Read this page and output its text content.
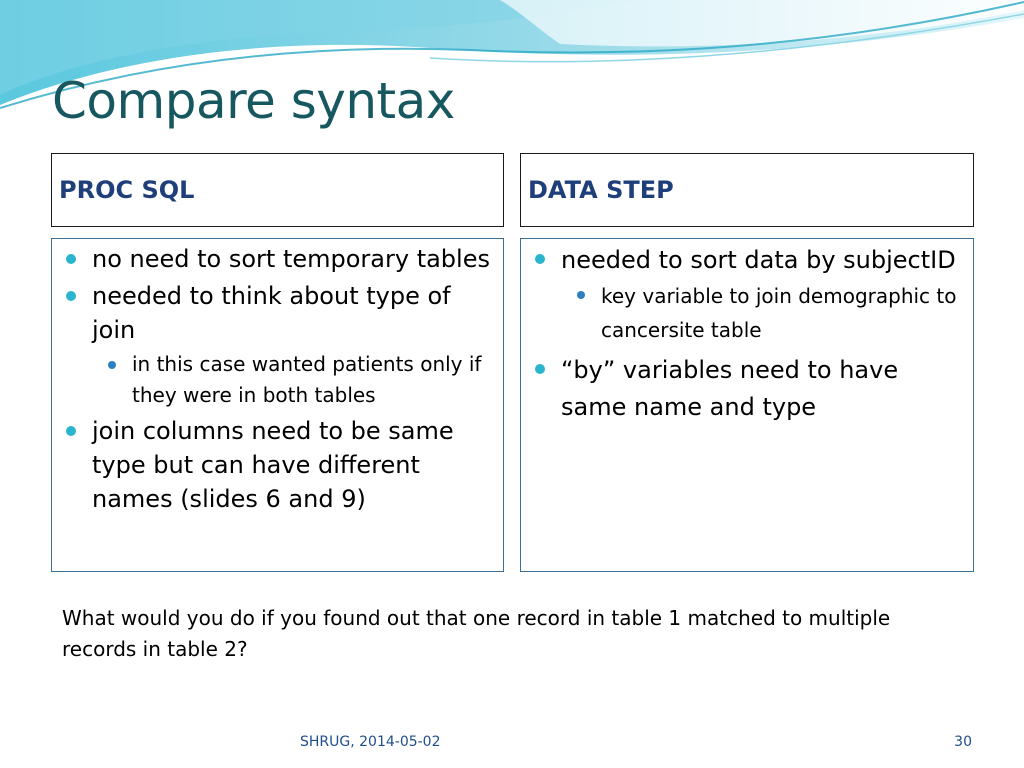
Compare syntax
PROC SQL	DATA STEP
no need to sort temporary tables
needed to think about type of join
in this case wanted patients only if they were in both tables
join columns need to be same type but can have different names (slides 6 and 9)
needed to sort data by subjectID
key variable to join demographic to cancersite table
“by” variables need to have same name and type

What would you do if you found out that one record in table 1 matched to multiple records in table 2?

SHRUG, 2014-05-02	30
